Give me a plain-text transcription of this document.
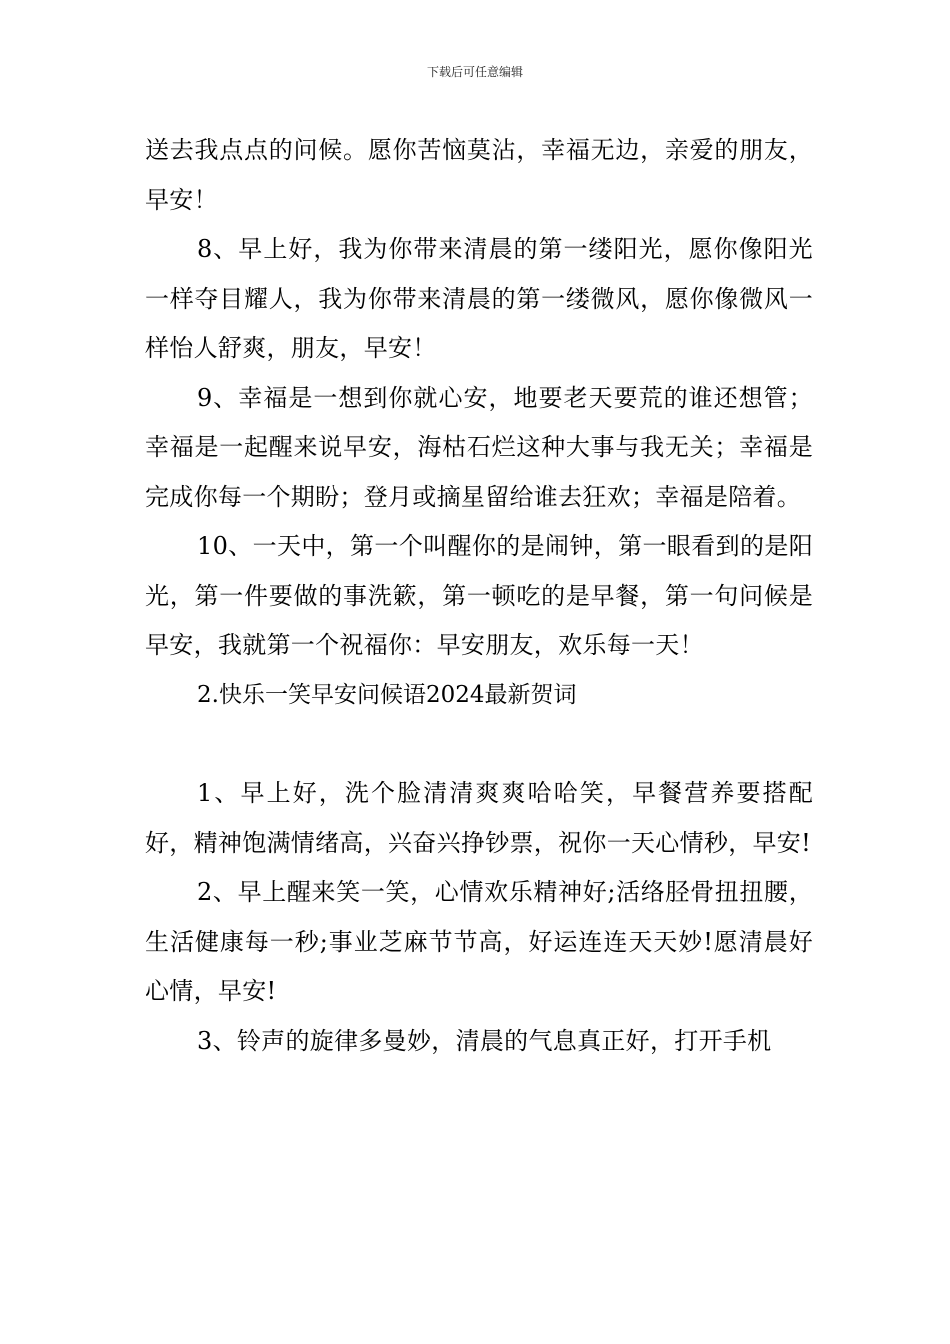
下载后可任意编辑

送去我点点的问候。愿你苦恼莫沾，幸福无边，亲爱的朋友，早安！

8、早上好，我为你带来清晨的第一缕阳光，愿你像阳光一样夺目耀人，我为你带来清晨的第一缕微风，愿你像微风一样怡人舒爽，朋友，早安！

9、幸福是一想到你就心安，地要老天要荒的谁还想管；幸福是一起醒来说早安，海枯石烂这种大事与我无关；幸福是完成你每一个期盼；登月或摘星留给谁去狂欢；幸福是陪着。

10、一天中，第一个叫醒你的是闹钟，第一眼看到的是阳光，第一件要做的事洗簌，第一顿吃的是早餐，第一句问候是早安，我就第一个祝福你：早安朋友，欢乐每一天！

2.快乐一笑早安问候语2024最新贺词

1、早上好，洗个脸清清爽爽哈哈笑，早餐营养要搭配好，精神饱满情绪高，兴奋兴挣钞票，祝你一天心情秒，早安!

2、早上醒来笑一笑，心情欢乐精神好;活络胫骨扭扭腰，生活健康每一秒;事业芝麻节节高，好运连连天天妙!愿清晨好心情，早安!

3、铃声的旋律多曼妙，清晨的气息真正好，打开手机
